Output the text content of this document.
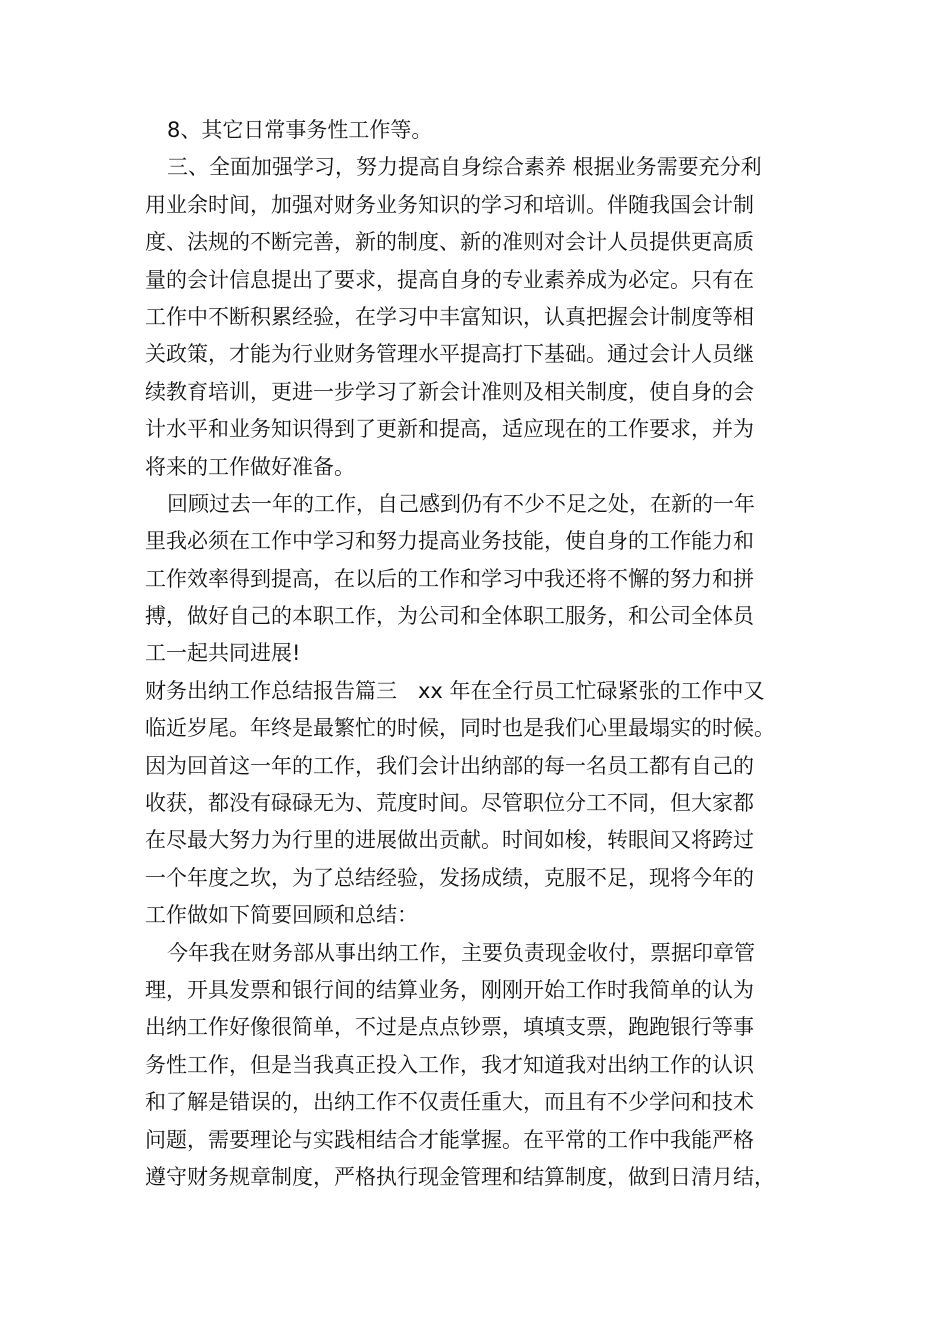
8、其它日常事务性工作等。
三、全面加强学习，努力提高自身综合素养 根据业务需要充分利
用业余时间，加强对财务业务知识的学习和培训。伴随我国会计制
度、法规的不断完善，新的制度、新的准则对会计人员提供更高质
量的会计信息提出了要求，提高自身的专业素养成为必定。只有在
工作中不断积累经验，在学习中丰富知识，认真把握会计制度等相
关政策，才能为行业财务管理水平提高打下基础。通过会计人员继
续教育培训，更进一步学习了新会计准则及相关制度，使自身的会
计水平和业务知识得到了更新和提高，适应现在的工作要求，并为
将来的工作做好准备。
回顾过去一年的工作，自己感到仍有不少不足之处，在新的一年
里我必须在工作中学习和努力提高业务技能，使自身的工作能力和
工作效率得到提高，在以后的工作和学习中我还将不懈的努力和拼
搏，做好自己的本职工作，为公司和全体职工服务，和公司全体员
工一起共同进展!
财务出纳工作总结报告篇三　xx 年在全行员工忙碌紧张的工作中又
临近岁尾。年终是最繁忙的时候，同时也是我们心里最塌实的时候。
因为回首这一年的工作，我们会计出纳部的每一名员工都有自己的
收获，都没有碌碌无为、荒度时间。尽管职位分工不同，但大家都
在尽最大努力为行里的进展做出贡献。时间如梭，转眼间又将跨过
一个年度之坎，为了总结经验，发扬成绩，克服不足，现将今年的
工作做如下简要回顾和总结：
今年我在财务部从事出纳工作，主要负责现金收付，票据印章管
理，开具发票和银行间的结算业务，刚刚开始工作时我简单的认为
出纳工作好像很简单，不过是点点钞票，填填支票，跑跑银行等事
务性工作，但是当我真正投入工作，我才知道我对出纳工作的认识
和了解是错误的，出纳工作不仅责任重大，而且有不少学问和技术
问题，需要理论与实践相结合才能掌握。在平常的工作中我能严格
遵守财务规章制度，严格执行现金管理和结算制度，做到日清月结，
